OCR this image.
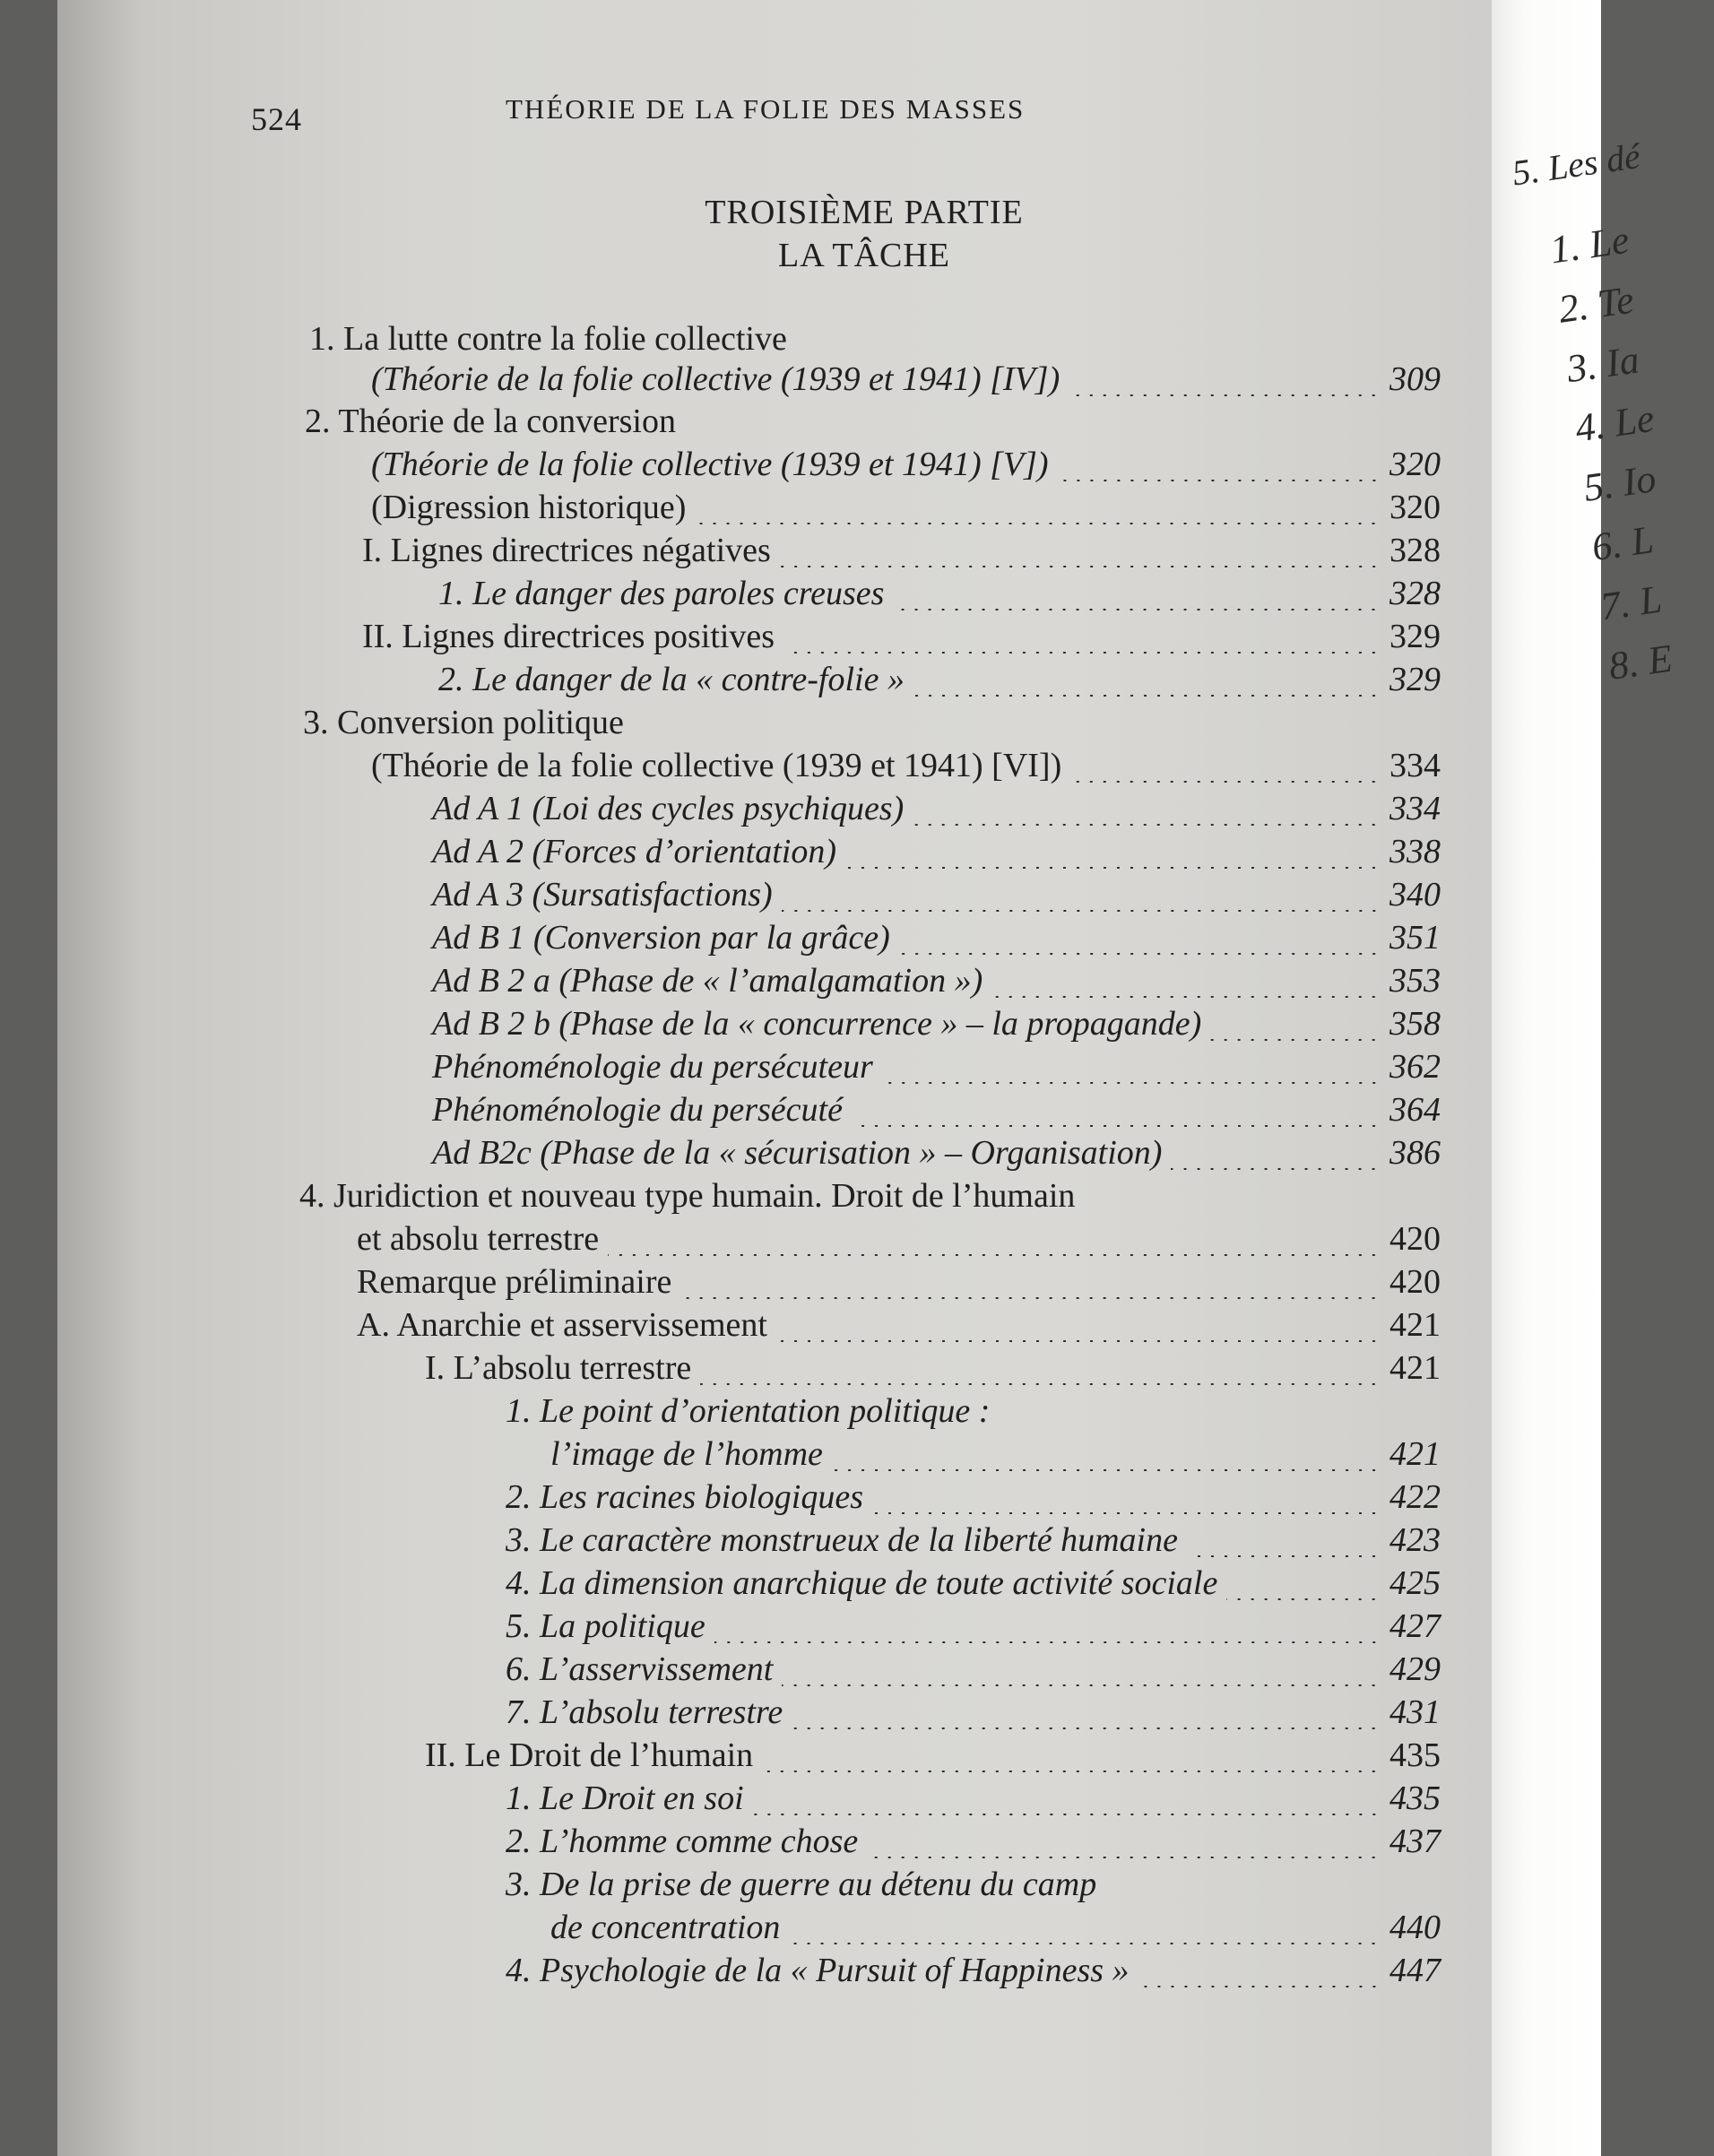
524	THÉORIE DE LA FOLIE DES MASSES
TROISIÈME PARTIE
LA TÂCHE
1. La lutte contre la folie collective
(Théorie de la folie collective (1939 et 1941) [IV])	309
2. Théorie de la conversion
(Théorie de la folie collective (1939 et 1941) [V])	320
(Digression historique)	320
I. Lignes directrices négatives	328
1. Le danger des paroles creuses	328
II. Lignes directrices positives	329
2. Le danger de la « contre-folie »	329
3. Conversion politique
(Théorie de la folie collective (1939 et 1941) [VI])	334
Ad A 1 (Loi des cycles psychiques)	334
Ad A 2 (Forces d’orientation)	338
Ad A 3 (Sursatisfactions)	340
Ad B 1 (Conversion par la grâce)	351
Ad B 2 a (Phase de « l’amalgamation »)	353
Ad B 2 b (Phase de la « concurrence » – la propagande)	358
Phénoménologie du persécuteur	362
Phénoménologie du persécuté	364
Ad B2c (Phase de la « sécurisation » – Organisation)	386
4. Juridiction et nouveau type humain. Droit de l’humain
et absolu terrestre	420
Remarque préliminaire	420
A. Anarchie et asservissement	421
I. L’absolu terrestre	421
1. Le point d’orientation politique :
l’image de l’homme	421
2. Les racines biologiques	422
3. Le caractère monstrueux de la liberté humaine	423
4. La dimension anarchique de toute activité sociale	425
5. La politique	427
6. L’asservissement	429
7. L’absolu terrestre	431
II. Le Droit de l’humain	435
1. Le Droit en soi	435
2. L’homme comme chose	437
3. De la prise de guerre au détenu du camp
de concentration	440
4. Psychologie de la « Pursuit of Happiness »	447
5. Les dé
1. Le
2. Te
3. Ia
4. Le
5. Io
6. L
7. L
8. E
